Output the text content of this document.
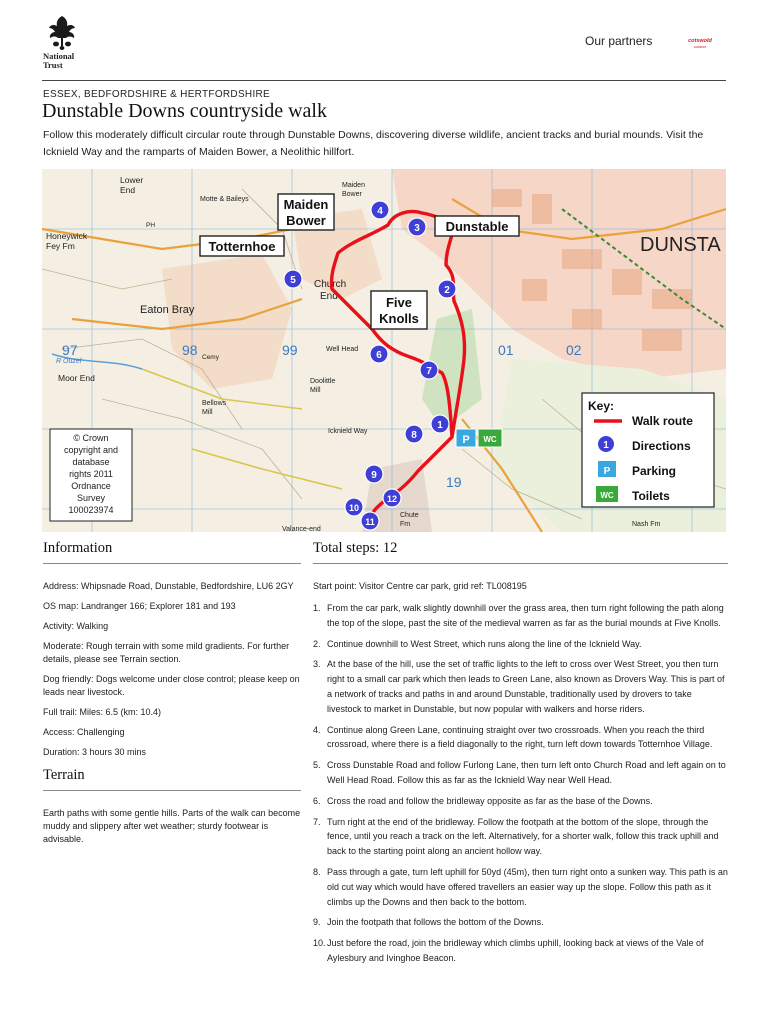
National
Trust
Our partners	cotswold
outdoor
ESSEX, BEDFORDSHIRE & HERTFORDSHIRE
Dunstable Downs countryside walk
Follow this moderately difficult circular route through Dunstable Downs, discovering diverse wildlife, ancient tracks and burial mounds. Visit the Icknield Way and the ramparts of Maiden Bower, a Neolithic hillfort.
Lower
End
Motte & Baileys
Maiden
Bower
Honeywick
Fey Fm
Church
End
Eaton Bray
Well Head
Moor End
DUNSTA
97	98	99	01	02
19
R Ouzel
Bellows
Mill
Doolittle
Mill
Chute
Fm	Nash Fm
Valance-end
Icknield Way
Cemy
PH
1
2
3
4
5
6
7
8
9
10
11
12
P WC
Maiden
Bower	Dunstable
Totternhoe
Five
Knolls
© Crown
copyright and
database
rights 2011
Ordnance
Survey
100023974
Key:
Walk route
1 Directions
P Parking
WC Toilets
Information
Address: Whipsnade Road, Dunstable, Bedfordshire, LU6 2GY
OS map: Landranger 166; Explorer 181 and 193
Activity: Walking
Moderate: Rough terrain with some mild gradients. For further details, please see Terrain section.
Dog friendly: Dogs welcome under close control; please keep on leads near livestock.
Full trail: Miles: 6.5 (km: 10.4)
Access: Challenging
Duration: 3 hours 30 mins
Terrain
Earth paths with some gentle hills. Parts of the walk can become muddy and slippery after wet weather; sturdy footwear is advisable.
Total steps: 12
Start point: Visitor Centre car park, grid ref: TL008195
1. From the car park, walk slightly downhill over the grass area, then turn right following the path along the top of the slope, past the site of the medieval warren as far as the burial mounds at Five Knolls.
2. Continue downhill to West Street, which runs along the line of the Icknield Way.
3. At the base of the hill, use the set of traffic lights to the left to cross over West Street, you then turn right to a small car park which then leads to Green Lane, also known as Drovers Way. This is part of a network of tracks and paths in and around Dunstable, traditionally used by drovers to take livestock to market in Dunstable, but now popular with walkers and horse riders.
4. Continue along Green Lane, continuing straight over two crossroads. When you reach the third crossroad, where there is a field diagonally to the right, turn left down towards Totternhoe Village.
5. Cross Dunstable Road and follow Furlong Lane, then turn left onto Church Road and left again on to Well Head Road. Follow this as far as the Icknield Way near Well Head.
6. Cross the road and follow the bridleway opposite as far as the base of the Downs.
7. Turn right at the end of the bridleway. Follow the footpath at the bottom of the slope, through the fence, until you reach a track on the left. Alternatively, for a shorter walk, follow this track uphill and back to the starting point along an ancient hollow way.
8. Pass through a gate, turn left uphill for 50yd (45m), then turn right onto a sunken way. This path is an old cut way which would have offered travellers an easier way up the slope. Follow this path as it climbs up the Downs and then back to the bottom.
9. Join the footpath that follows the bottom of the Downs.
10. Just before the road, join the bridleway which climbs uphill, looking back at views of the Vale of Aylesbury and Ivinghoe Beacon.
